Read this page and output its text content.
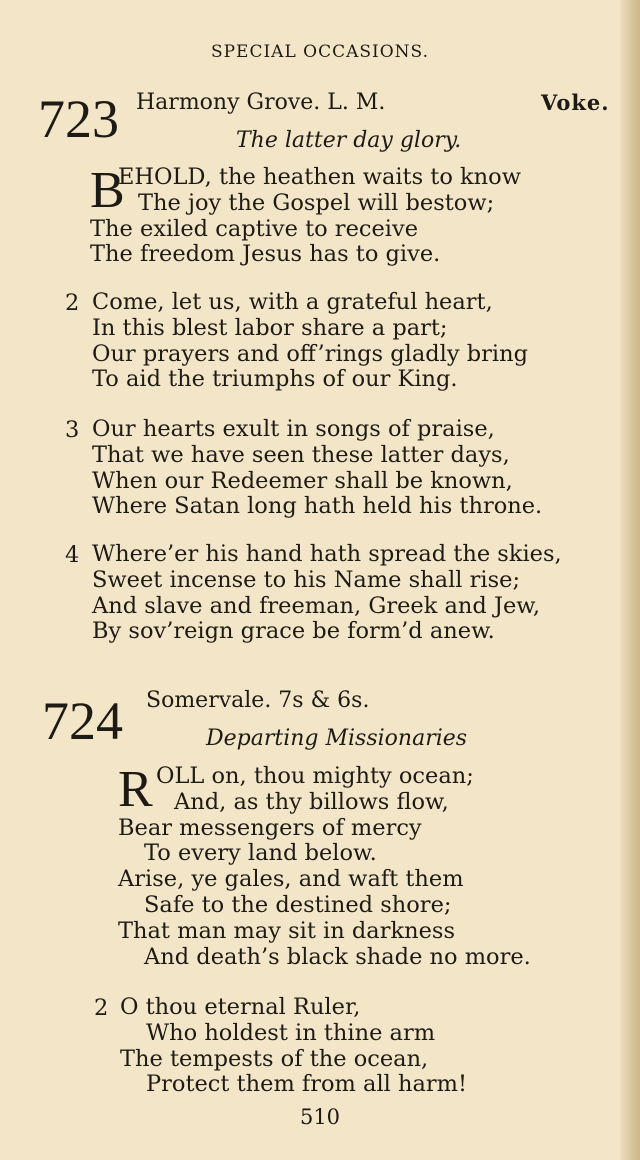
SPECIAL OCCASIONS.
723 Harmony Grove. L. M.	Voke.
The latter day glory.
B
EHOLD, the heathen waits to know
The joy the Gospel will bestow;
The exiled captive to receive
The freedom Jesus has to give.
2 Come, let us, with a grateful heart,
In this blest labor share a part;
Our prayers and off’rings gladly bring
To aid the triumphs of our King.
3 Our hearts exult in songs of praise,
That we have seen these latter days,
When our Redeemer shall be known,
Where Satan long hath held his throne.
4 Where’er his hand hath spread the skies,
Sweet incense to his Name shall rise;
And slave and freeman, Greek and Jew,
By sov’reign grace be form’d anew.
724 Somervale. 7s & 6s.
Departing Missionaries
R OLL on, thou mighty ocean;
And, as thy billows flow,
Bear messengers of mercy
To every land below.
Arise, ye gales, and waft them
Safe to the destined shore;
That man may sit in darkness
And death’s black shade no more.
2 O thou eternal Ruler,
Who holdest in thine arm
The tempests of the ocean,
Protect them from all harm!
510
